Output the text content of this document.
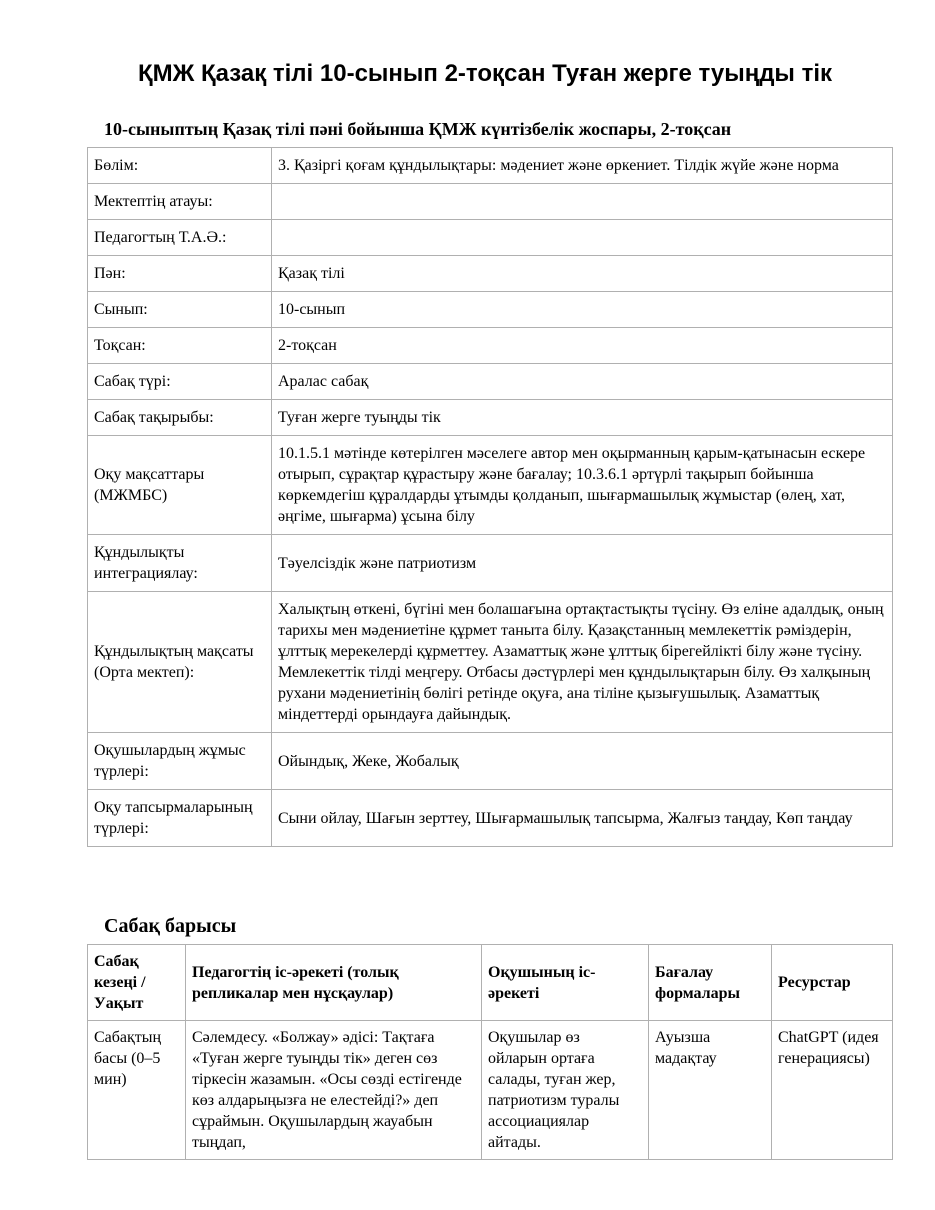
ҚМЖ Қазақ тілі 10-сынып 2-тоқсан Туған жерге туыңды тік

10-сыныптың Қазақ тілі пәні бойынша ҚМЖ күнтізбелік жоспары, 2-тоқсан

Бөлім:	3. Қазіргі қоғам құндылықтары: мәдениет және өркениет. Тілдік жүйе және норма
Мектептің атауы:	
Педагогтың Т.А.Ә.:	
Пән:	Қазақ тілі
Сынып:	10-сынып
Тоқсан:	2-тоқсан
Сабақ түрі:	Аралас сабақ
Сабақ тақырыбы:	Туған жерге туыңды тік
Оқу мақсаттары (МЖМБС)	10.1.5.1 мәтінде көтерілген мәселеге автор мен оқырманның қарым-қатынасын ескере отырып, сұрақтар құрастыру және бағалау; 10.3.6.1 әртүрлі тақырып бойынша көркемдегіш құралдарды ұтымды қолданып, шығармашылық жұмыстар (өлең, хат, әңгіме, шығарма) ұсына білу
Құндылықты интеграциялау:	Тәуелсіздік және патриотизм
Құндылықтың мақсаты (Орта мектеп):	Халықтың өткені, бүгіні мен болашағына ортақтастықты түсіну. Өз еліне адалдық, оның тарихы мен мәдениетіне құрмет таныта білу. Қазақстанның мемлекеттік рәміздерін, ұлттық мерекелерді құрметтеу. Азаматтық және ұлттық бірегейлікті білу және түсіну. Мемлекеттік тілді меңгеру. Отбасы дәстүрлері мен құндылықтарын білу. Өз халқының рухани мәдениетінің бөлігі ретінде оқуға, ана тіліне қызығушылық. Азаматтық міндеттерді орындауға дайындық.
Оқушылардың жұмыс түрлері:	Ойындық, Жеке, Жобалық
Оқу тапсырмаларының түрлері:	Сыни ойлау, Шағын зерттеу, Шығармашылық тапсырма, Жалғыз таңдау, Көп таңдау

Сабақ барысы

Сабақ кезеңі / Уақыт	Педагогтің іс-әрекеті (толық репликалар мен нұсқаулар)	Оқушының іс-әрекеті	Бағалау формалары	Ресурстар

Сабақтың басы (0–5 мин)	Сәлемдесу. «Болжау» әдісі: Тақтаға «Туған жерге туыңды тік» деген сөз тіркесін жазамын. «Осы сөзді естігенде көз алдарыңызға не елестейді?» деп сұраймын. Оқушылардың жауабын тыңдап,	Оқушылар өз ойларын ортаға салады, туған жер, патриотизм туралы ассоциациялар айтады.	Ауызша мадақтау	ChatGPT (идея генерациясы)
